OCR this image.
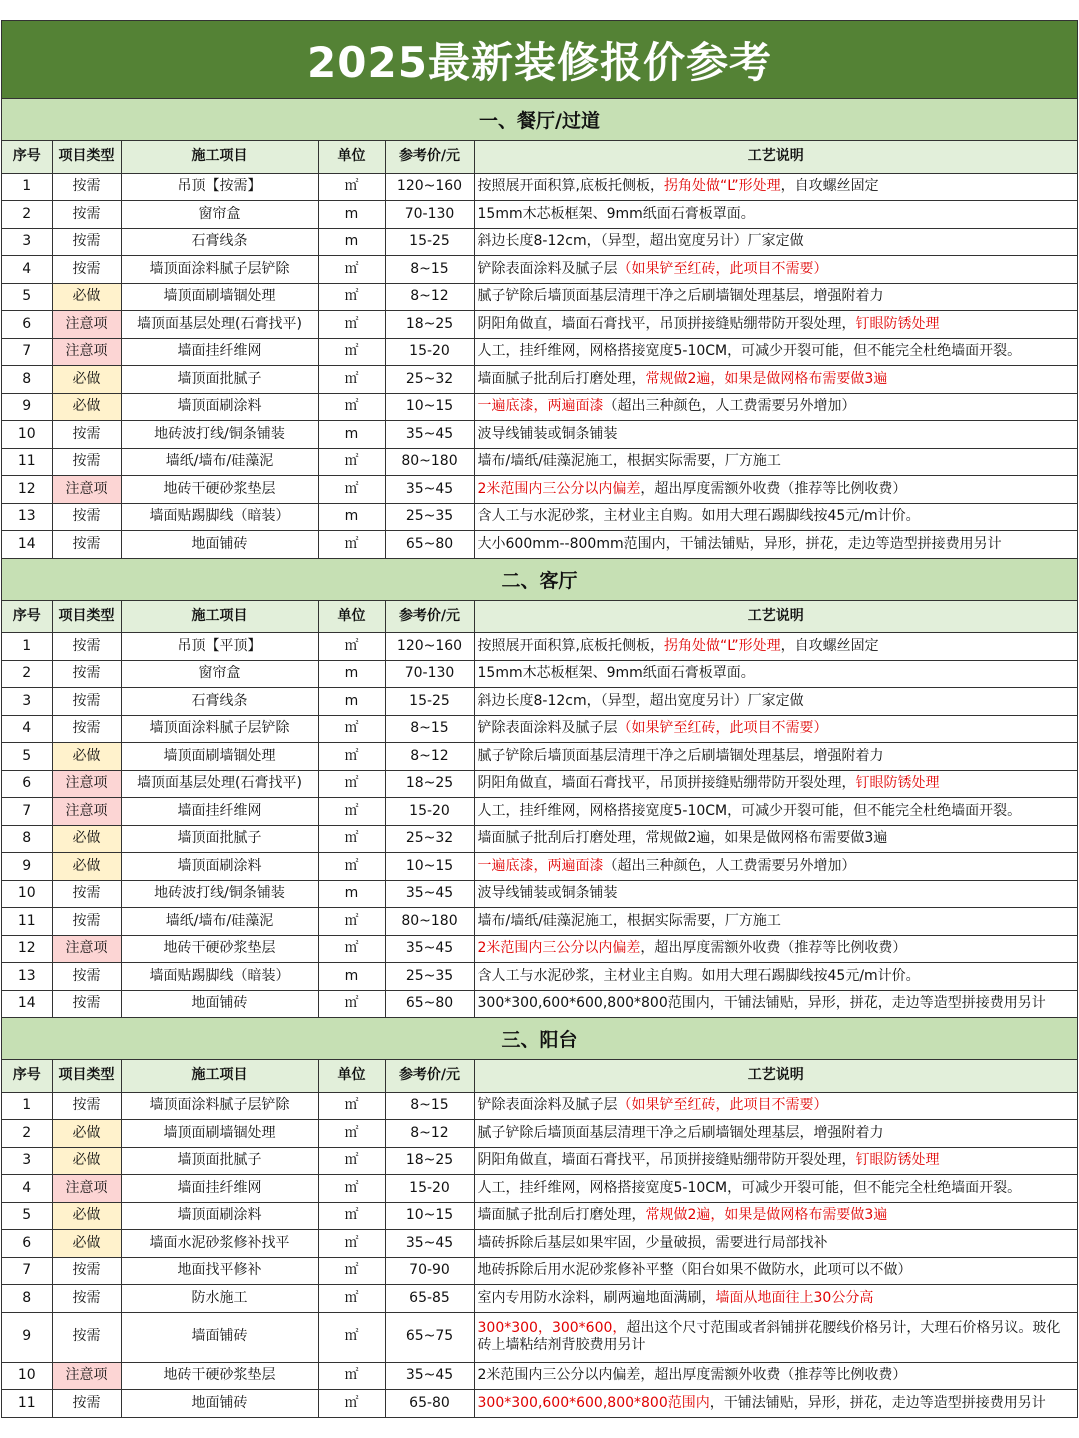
2025最新装修报价参考
一、餐厅/过道
序号	项目类型	施工项目	单位	参考价/元	工艺说明
1	按需	吊顶【按需】	㎡	120~160	按照展开面积算,底板托侧板，拐角处做“L”形处理，自攻螺丝固定
2	按需	窗帘盒	m	70-130	15mm木芯板框架、9mm纸面石膏板罩面。
3	按需	石膏线条	m	15-25	斜边长度8-12cm，（异型，超出宽度另计）厂家定做
4	按需	墙顶面涂料腻子层铲除	㎡	8~15	铲除表面涂料及腻子层（如果铲至红砖，此项目不需要）
5	必做	墙顶面刷墙锢处理	㎡	8~12	腻子铲除后墙顶面基层清理干净之后刷墙锢处理基层，增强附着力
6	注意项	墙顶面基层处理(石膏找平)	㎡	18~25	阴阳角做直，墙面石膏找平，吊顶拼接缝贴绷带防开裂处理，钉眼防锈处理
7	注意项	墙面挂纤维网	㎡	15-20	人工，挂纤维网，网格搭接宽度5-10CM，可减少开裂可能，但不能完全杜绝墙面开裂。
8	必做	墙顶面批腻子	㎡	25~32	墙面腻子批刮后打磨处理，常规做2遍，如果是做网格布需要做3遍
9	必做	墙顶面刷涂料	㎡	10~15	一遍底漆，两遍面漆（超出三种颜色，人工费需要另外增加）
10	按需	地砖波打线/铜条铺装	m	35~45	波导线铺装或铜条铺装
11	按需	墙纸/墙布/硅藻泥	㎡	80~180	墙布/墙纸/硅藻泥施工，根据实际需要，厂方施工
12	注意项	地砖干硬砂浆垫层	㎡	35~45	2米范围内三公分以内偏差，超出厚度需额外收费（推荐等比例收费）
13	按需	墙面贴踢脚线（暗装）	m	25~35	含人工与水泥砂浆，主材业主自购。如用大理石踢脚线按45元/m计价。
14	按需	地面铺砖	㎡	65~80	大小600mm--800mm范围内，干铺法铺贴，异形，拼花，走边等造型拼接费用另计
二、客厅
序号	项目类型	施工项目	单位	参考价/元	工艺说明
1	按需	吊顶【平顶】	㎡	120~160	按照展开面积算,底板托侧板，拐角处做“L”形处理，自攻螺丝固定
2	按需	窗帘盒	m	70-130	15mm木芯板框架、9mm纸面石膏板罩面。
3	按需	石膏线条	m	15-25	斜边长度8-12cm，（异型，超出宽度另计）厂家定做
4	按需	墙顶面涂料腻子层铲除	㎡	8~15	铲除表面涂料及腻子层（如果铲至红砖，此项目不需要）
5	必做	墙顶面刷墙锢处理	㎡	8~12	腻子铲除后墙顶面基层清理干净之后刷墙锢处理基层，增强附着力
6	注意项	墙顶面基层处理(石膏找平)	㎡	18~25	阴阳角做直，墙面石膏找平，吊顶拼接缝贴绷带防开裂处理，钉眼防锈处理
7	注意项	墙面挂纤维网	㎡	15-20	人工，挂纤维网，网格搭接宽度5-10CM，可减少开裂可能，但不能完全杜绝墙面开裂。
8	必做	墙顶面批腻子	㎡	25~32	墙面腻子批刮后打磨处理，常规做2遍，如果是做网格布需要做3遍
9	必做	墙顶面刷涂料	㎡	10~15	一遍底漆，两遍面漆（超出三种颜色，人工费需要另外增加）
10	按需	地砖波打线/铜条铺装	m	35~45	波导线铺装或铜条铺装
11	按需	墙纸/墙布/硅藻泥	㎡	80~180	墙布/墙纸/硅藻泥施工，根据实际需要，厂方施工
12	注意项	地砖干硬砂浆垫层	㎡	35~45	2米范围内三公分以内偏差，超出厚度需额外收费（推荐等比例收费）
13	按需	墙面贴踢脚线（暗装）	m	25~35	含人工与水泥砂浆，主材业主自购。如用大理石踢脚线按45元/m计价。
14	按需	地面铺砖	㎡	65~80	300*300,600*600,800*800范围内，干铺法铺贴，异形，拼花，走边等造型拼接费用另计
三、阳台
序号	项目类型	施工项目	单位	参考价/元	工艺说明
1	按需	墙顶面涂料腻子层铲除	㎡	8~15	铲除表面涂料及腻子层（如果铲至红砖，此项目不需要）
2	必做	墙顶面刷墙锢处理	㎡	8~12	腻子铲除后墙顶面基层清理干净之后刷墙锢处理基层，增强附着力
3	必做	墙顶面批腻子	㎡	18~25	阴阳角做直，墙面石膏找平，吊顶拼接缝贴绷带防开裂处理，钉眼防锈处理
4	注意项	墙面挂纤维网	㎡	15-20	人工，挂纤维网，网格搭接宽度5-10CM，可减少开裂可能，但不能完全杜绝墙面开裂。
5	必做	墙顶面刷涂料	㎡	10~15	墙面腻子批刮后打磨处理，常规做2遍，如果是做网格布需要做3遍
6	必做	墙面水泥砂浆修补找平	㎡	35~45	墙砖拆除后基层如果牢固，少量破损，需要进行局部找补
7	按需	地面找平修补	㎡	70-90	地砖拆除后用水泥砂浆修补平整（阳台如果不做防水，此项可以不做）
8	按需	防水施工	㎡	65-85	室内专用防水涂料，刷两遍地面满刷，墙面从地面往上30公分高
9	按需	墙面铺砖	㎡	65~75	300*300，300*600，超出这个尺寸范围或者斜铺拼花腰线价格另计，大理石价格另议。玻化砖上墙粘结剂背胶费用另计
10	注意项	地砖干硬砂浆垫层	㎡	35~45	2米范围内三公分以内偏差，超出厚度需额外收费（推荐等比例收费）
11	按需	地面铺砖	㎡	65-80	300*300,600*600,800*800范围内，干铺法铺贴，异形，拼花，走边等造型拼接费用另计
